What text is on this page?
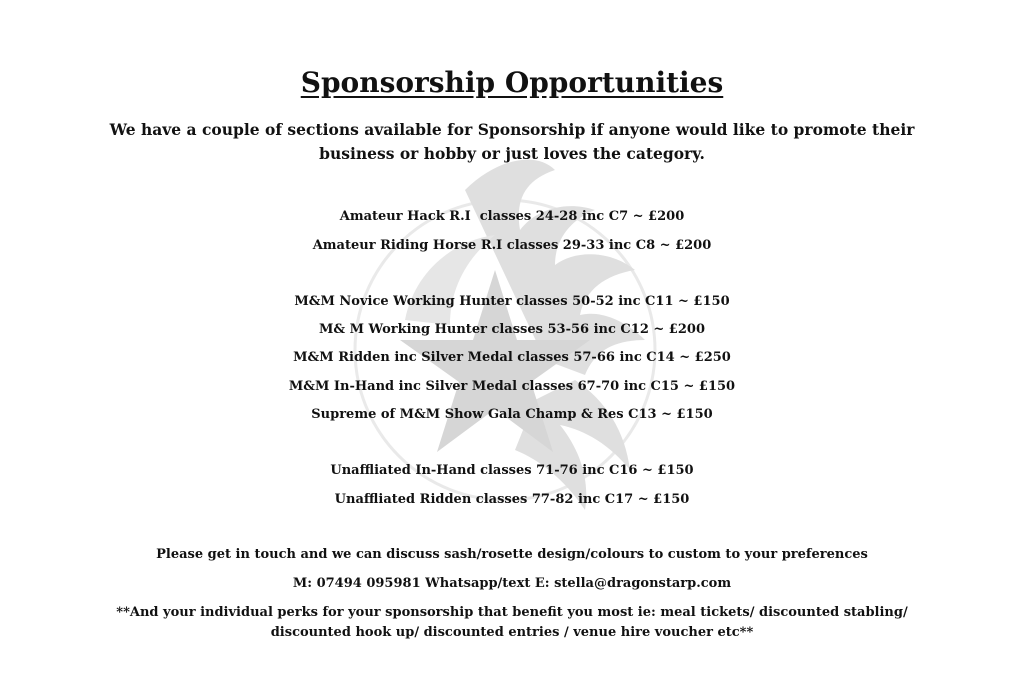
Sponsorship Opportunities

We have a couple of sections available for Sponsorship if anyone would like to promote their business or hobby or just loves the category.

Amateur Hack R.I  classes 24-28 inc C7 ~ £200

Amateur Riding Horse R.I classes 29-33 inc C8 ~ £200

M&M Novice Working Hunter classes 50-52 inc C11 ~ £150

M& M Working Hunter classes 53-56 inc C12 ~ £200

M&M Ridden inc Silver Medal classes 57-66 inc C14 ~ £250

M&M In-Hand inc Silver Medal classes 67-70 inc C15 ~ £150

Supreme of M&M Show Gala Champ & Res C13 ~ £150

Unaffliated In-Hand classes 71-76 inc C16 ~ £150

Unaffliated Ridden classes 77-82 inc C17 ~ £150

Please get in touch and we can discuss sash/rosette design/colours to custom to your preferences

M: 07494 095981 Whatsapp/text E: stella@dragonstarp.com

**And your individual perks for your sponsorship that benefit you most ie: meal tickets/ discounted stabling/ discounted hook up/ discounted entries / venue hire voucher etc**
